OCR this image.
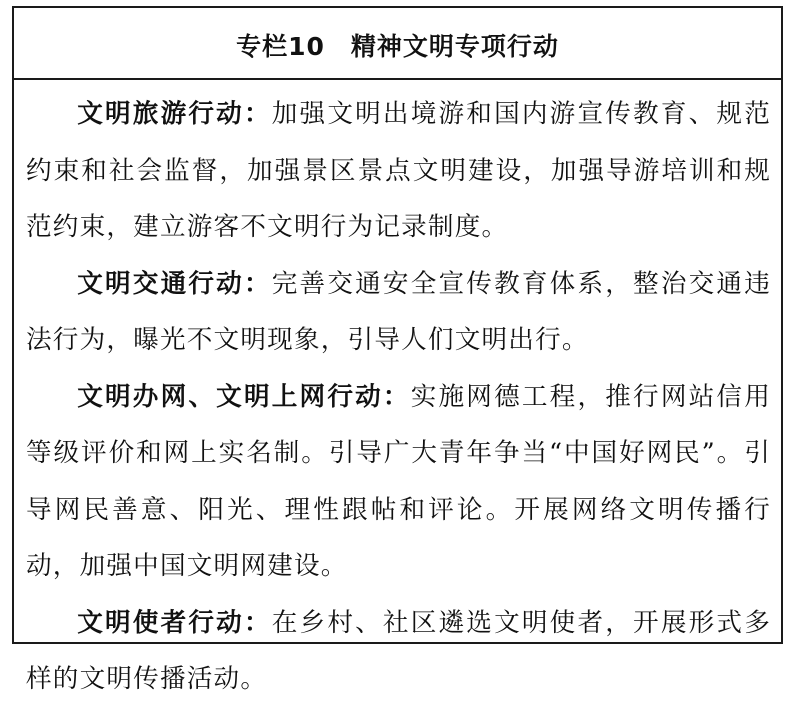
专栏10　精神文明专项行动

文明旅游行动：加强文明出境游和国内游宣传教育、规范约束和社会监督，加强景区景点文明建设，加强导游培训和规范约束，建立游客不文明行为记录制度。

文明交通行动：完善交通安全宣传教育体系，整治交通违法行为，曝光不文明现象，引导人们文明出行。

文明办网、文明上网行动：实施网德工程，推行网站信用等级评价和网上实名制。引导广大青年争当“中国好网民”。引导网民善意、阳光、理性跟帖和评论。开展网络文明传播行动，加强中国文明网建设。

文明使者行动：在乡村、社区遴选文明使者，开展形式多样的文明传播活动。
